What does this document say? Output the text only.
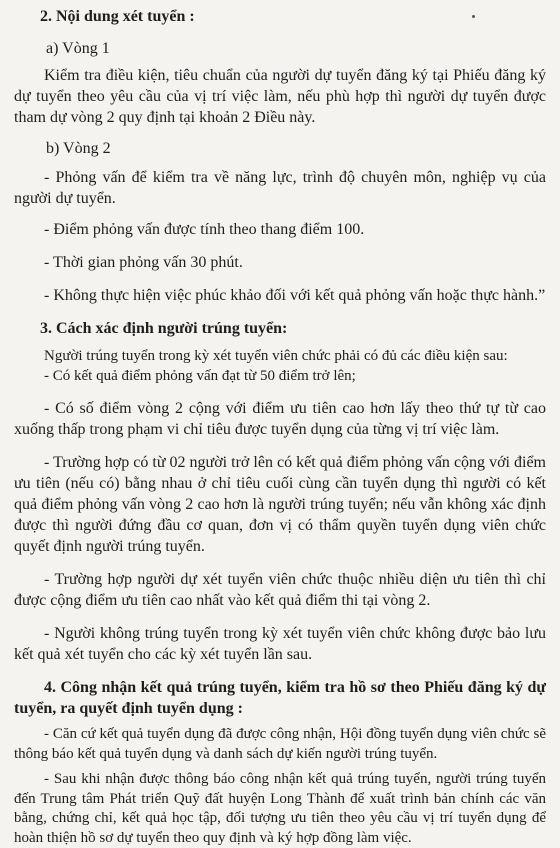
2. Nội dung xét tuyển :

a) Vòng 1

Kiểm tra điều kiện, tiêu chuẩn của người dự tuyển đăng ký tại Phiếu đăng ký dự tuyển theo yêu cầu của vị trí việc làm, nếu phù hợp thì người dự tuyển được tham dự vòng 2 quy định tại khoản 2 Điều này.

b) Vòng 2

- Phỏng vấn để kiểm tra về năng lực, trình độ chuyên môn, nghiệp vụ của người dự tuyển.

- Điểm phỏng vấn được tính theo thang điểm 100.

- Thời gian phỏng vấn 30 phút.

- Không thực hiện việc phúc khảo đối với kết quả phỏng vấn hoặc thực hành.”

3. Cách xác định người trúng tuyển:

Người trúng tuyển trong kỳ xét tuyển viên chức phải có đủ các điều kiện sau:

- Có kết quả điểm phỏng vấn đạt từ 50 điểm trở lên;

- Có số điểm vòng 2 cộng với điểm ưu tiên cao hơn lấy theo thứ tự từ cao xuống thấp trong phạm vi chỉ tiêu được tuyển dụng của từng vị trí việc làm.

- Trường hợp có từ 02 người trở lên có kết quả điểm phỏng vấn cộng với điểm ưu tiên (nếu có) bằng nhau ở chỉ tiêu cuối cùng cần tuyển dụng thì người có kết quả điểm phỏng vấn vòng 2 cao hơn là người trúng tuyển; nếu vẫn không xác định được thì người đứng đầu cơ quan, đơn vị có thẩm quyền tuyển dụng viên chức quyết định người trúng tuyển.

- Trường hợp người dự xét tuyển viên chức thuộc nhiều diện ưu tiên thì chỉ được cộng điểm ưu tiên cao nhất vào kết quả điểm thi tại vòng 2.

- Người không trúng tuyển trong kỳ xét tuyển viên chức không được bảo lưu kết quả xét tuyển cho các kỳ xét tuyển lần sau.

4. Công nhận kết quả trúng tuyển, kiểm tra hồ sơ theo Phiếu đăng ký dự tuyển, ra quyết định tuyển dụng :

- Căn cứ kết quả tuyển dụng đã được công nhận, Hội đồng tuyển dụng viên chức sẽ thông báo kết quả tuyển dụng và danh sách dự kiến người trúng tuyển.

- Sau khi nhận được thông báo công nhận kết quả trúng tuyển, người trúng tuyển đến Trung tâm Phát triển Quỹ đất huyện Long Thành để xuất trình bản chính các văn bằng, chứng chỉ, kết quả học tập, đối tượng ưu tiên theo yêu cầu vị trí tuyển dụng để hoàn thiện hồ sơ dự tuyển theo quy định và ký hợp đồng làm việc.
